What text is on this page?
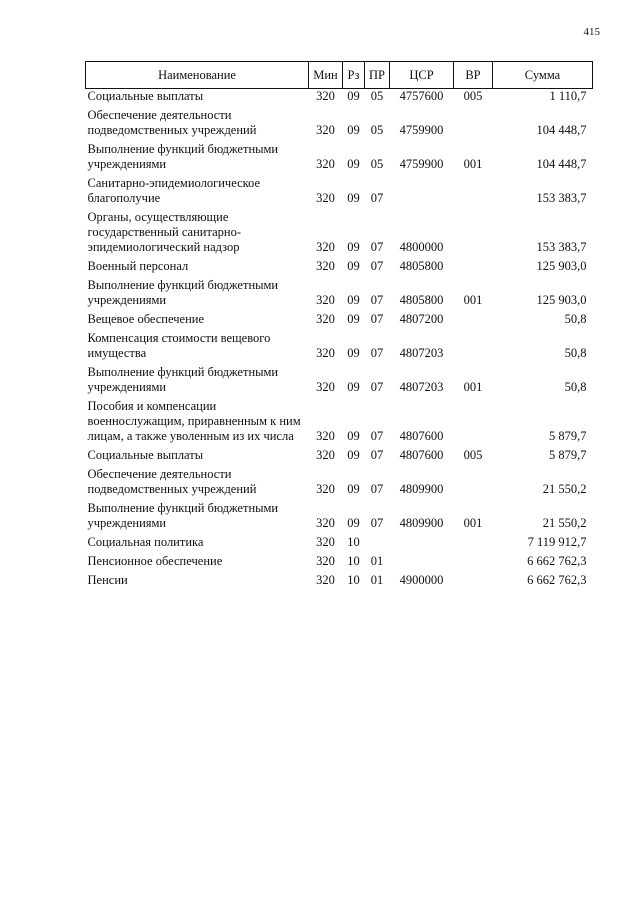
415
Наименование	Мин	Рз	ПР	ЦСР	ВР	Сумма
Социальные выплаты	320	09	05	4757600	005	1 110,7
Обеспечение деятельности подведомственных учреждений	320	09	05	4759900		104 448,7
Выполнение функций бюджетными учреждениями	320	09	05	4759900	001	104 448,7
Санитарно-эпидемиологическое благополучие	320	09	07			153 383,7
Органы, осуществляющие государственный санитарно-эпидемиологический надзор	320	09	07	4800000		153 383,7
Военный персонал	320	09	07	4805800		125 903,0
Выполнение функций бюджетными учреждениями	320	09	07	4805800	001	125 903,0
Вещевое обеспечение	320	09	07	4807200		50,8
Компенсация стоимости вещевого имущества	320	09	07	4807203		50,8
Выполнение функций бюджетными учреждениями	320	09	07	4807203	001	50,8
Пособия и компенсации военнослужащим, приравненным к ним лицам, а также уволенным из их числа	320	09	07	4807600		5 879,7
Социальные выплаты	320	09	07	4807600	005	5 879,7
Обеспечение деятельности подведомственных учреждений	320	09	07	4809900		21 550,2
Выполнение функций бюджетными учреждениями	320	09	07	4809900	001	21 550,2
Социальная политика	320	10				7 119 912,7
Пенсионное обеспечение	320	10	01			6 662 762,3
Пенсии	320	10	01	4900000		6 662 762,3
